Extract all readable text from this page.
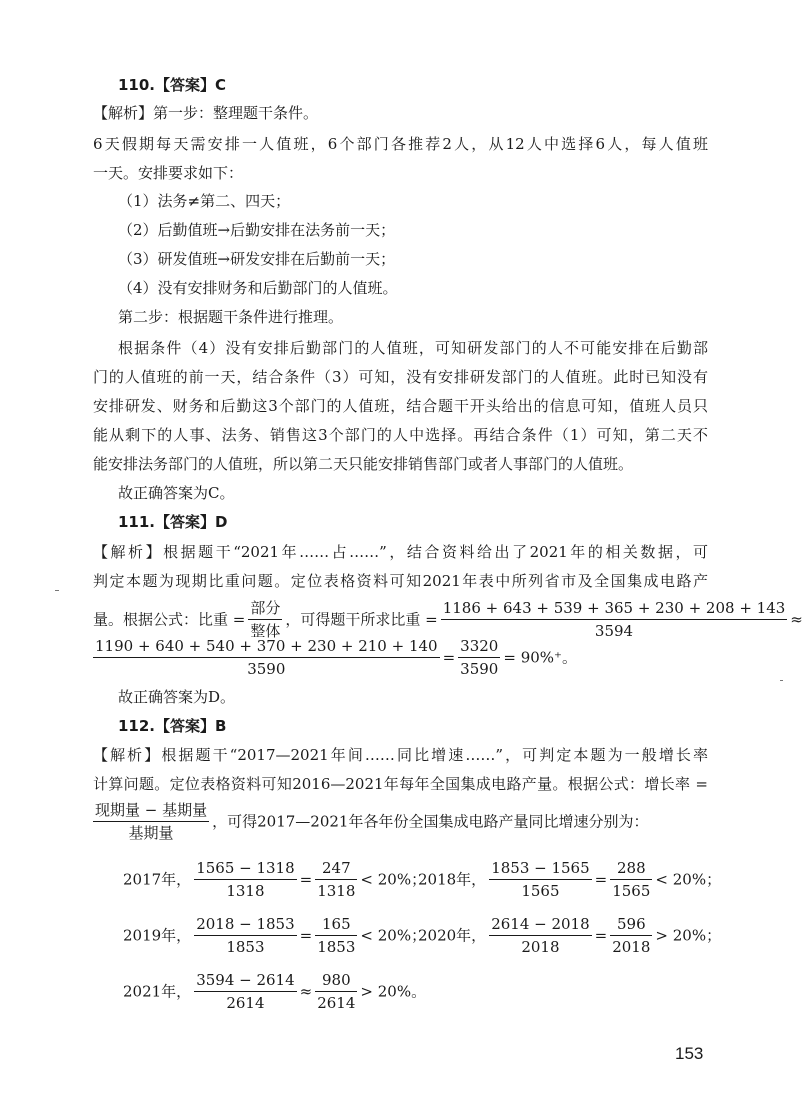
110.【答案】C
【解析】第一步：整理题干条件。
6天假期每天需安排一人值班，6个部门各推荐2人，从12人中选择6人，每人值班
一天。安排要求如下：
（1）法务≠第二、四天；
（2）后勤值班→后勤安排在法务前一天；
（3）研发值班→研发安排在后勤前一天；
（4）没有安排财务和后勤部门的人值班。
第二步：根据题干条件进行推理。
根据条件（4）没有安排后勤部门的人值班，可知研发部门的人不可能安排在后勤部
门的人值班的前一天，结合条件（3）可知，没有安排研发部门的人值班。此时已知没有
安排研发、财务和后勤这3个部门的人值班，结合题干开头给出的信息可知，值班人员只
能从剩下的人事、法务、销售这3个部门的人中选择。再结合条件（1）可知，第二天不
能安排法务部门的人值班，所以第二天只能安排销售部门或者人事部门的人值班。
故正确答案为C。
111.【答案】D
【解析】根据题干“2021年……占……”，结合资料给出了2021年的相关数据，可
判定本题为现期比重问题。定位表格资料可知2021年表中所列省市及全国集成电路产
量。根据公式：比重 = $\frac{\text{部分}}{\text{整体}}$ ，可得题干所求比重 = $\frac{1186 + 643 + 539 + 365 + 230 + 208 + 143}{3594}$ ≈
$\frac{1190 + 640 + 540 + 370 + 230 + 210 + 140}{3590} = \frac{3320}{3590} = 90\%^+$。
故正确答案为D。
112.【答案】B
【解析】根据题干“2017—2021年间……同比增速……”，可判定本题为一般增长率
计算问题。定位表格资料可知2016—2021年每年全国集成电路产量。根据公式：增长率 =
$\frac{\text{现期量 − 基期量}}{\text{基期量}}$ ，可得2017—2021年各年份全国集成电路产量同比增速分别为：
2017年， $\frac{1565 - 1318}{1318} = \frac{247}{1318} < 20\%$；
2018年， $\frac{1853 - 1565}{1565} = \frac{288}{1565} < 20\%$；
2019年， $\frac{2018 - 1853}{1853} = \frac{165}{1853} < 20\%$；
2020年， $\frac{2614 - 2018}{2018} = \frac{596}{2018} > 20\%$；
2021年， $\frac{3594 - 2614}{2614} \approx \frac{980}{2614} > 20\%$。
153
